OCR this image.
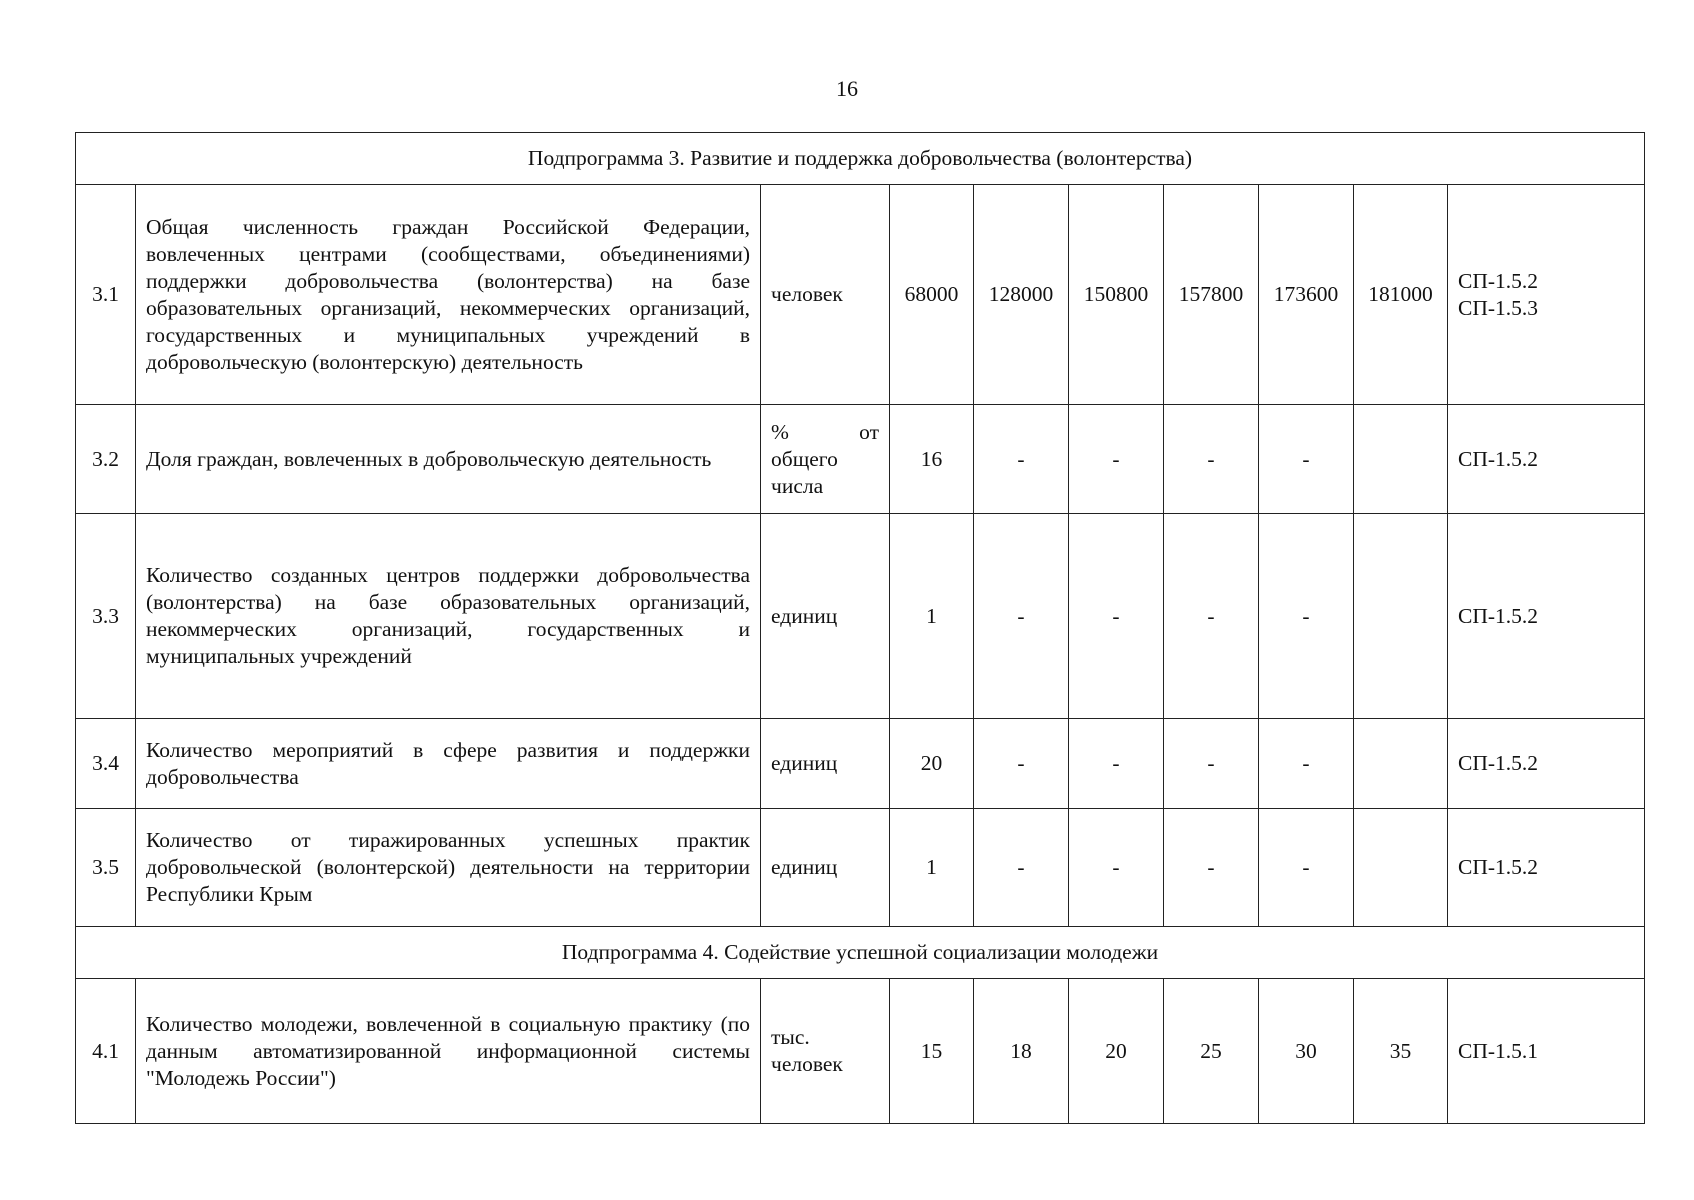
16
Подпрограмма 3. Развитие и поддержка добровольчества (волонтерства)									
3.1	Общая численность граждан Российской Федерации, вовлеченных центрами (сообществами, объединениями) поддержки добровольчества (волонтерства) на базе образовательных организаций, некоммерческих организаций, государственных и муниципальных учреждений в добровольческую (волонтерскую) деятельность	человек	68000	128000	150800	157800	173600	181000	СП-1.5.2
СП-1.5.3

3.2	Доля граждан, вовлеченных в добровольческую деятельность	% от общего числа	16	-	-	-	-		СП-1.5.2

3.3	Количество созданных центров поддержки добровольчества (волонтерства) на базе образовательных организаций, некоммерческих организаций, государственных и муниципальных учреждений	единиц	1	-	-	-	-		СП-1.5.2

3.4	Количество мероприятий в сфере развития и поддержки добровольчества	единиц	20	-	-	-	-		СП-1.5.2

3.5	Количество от тиражированных успешных практик добровольческой (волонтерской) деятельности на территории Республики Крым	единиц	1	-	-	-	-		СП-1.5.2

Подпрограмма 4. Содействие успешной социализации молодежи									
4.1	Количество молодежи, вовлеченной в социальную практику (по данным автоматизированной информационной системы "Молодежь России")	тыс. человек	15	18	20	25	30	35	СП-1.5.1
